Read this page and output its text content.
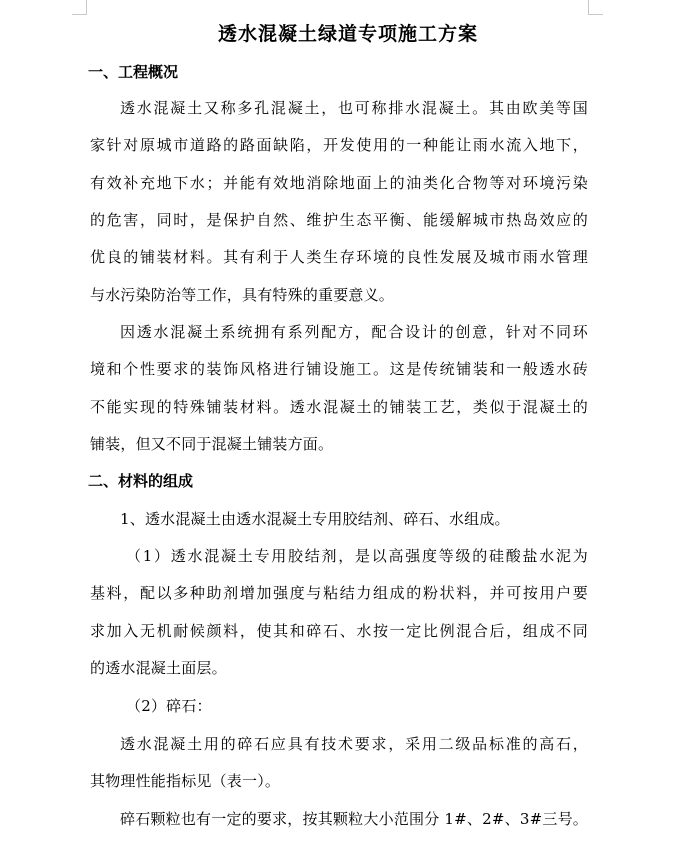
透水混凝土绿道专项施工方案
一、工程概况
透水混凝土又称多孔混凝土，也可称排水混凝土。其由欧美等国
家针对原城市道路的路面缺陷，开发使用的一种能让雨水流入地下，
有效补充地下水；并能有效地消除地面上的油类化合物等对环境污染
的危害，同时，是保护自然、维护生态平衡、能缓解城市热岛效应的
优良的铺装材料。其有利于人类生存环境的良性发展及城市雨水管理
与水污染防治等工作，具有特殊的重要意义。
因透水混凝土系统拥有系列配方，配合设计的创意，针对不同环
境和个性要求的装饰风格进行铺设施工。这是传统铺装和一般透水砖
不能实现的特殊铺装材料。透水混凝土的铺装工艺，类似于混凝土的
铺装，但又不同于混凝土铺装方面。
二、材料的组成
1、透水混凝土由透水混凝土专用胶结剂、碎石、水组成。
（1）透水混凝土专用胶结剂，是以高强度等级的硅酸盐水泥为
基料，配以多种助剂增加强度与粘结力组成的粉状料，并可按用户要
求加入无机耐候颜料，使其和碎石、水按一定比例混合后，组成不同
的透水混凝土面层。
（2）碎石：
透水混凝土用的碎石应具有技术要求，采用二级品标准的高石，
其物理性能指标见（表一）。
碎石颗粒也有一定的要求，按其颗粒大小范围分 1#、2#、3#三号。
